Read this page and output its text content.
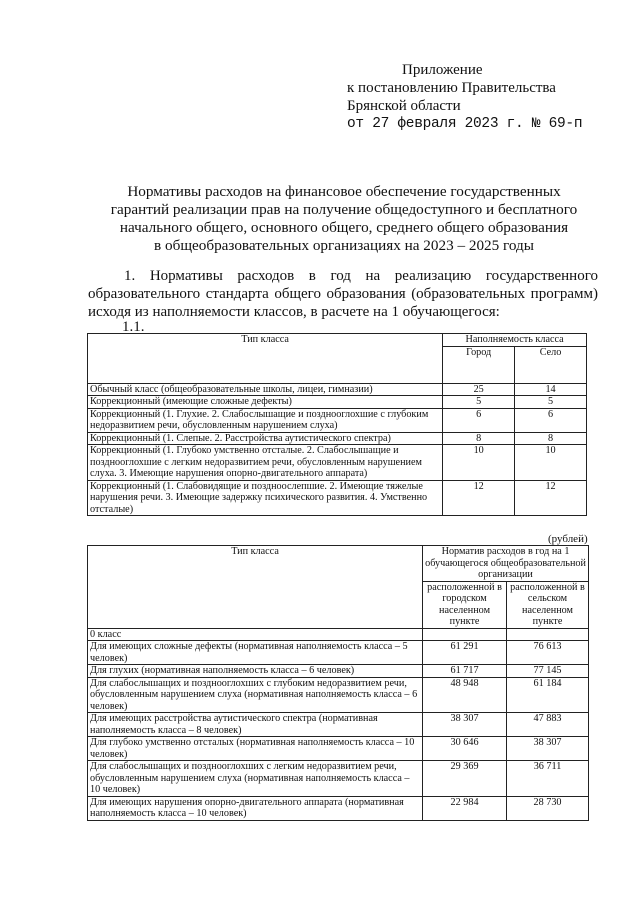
Приложение
к постановлению Правительства
Брянской области
от 27 февраля 2023 г. № 69-п
Нормативы расходов на финансовое обеспечение государственных
гарантий реализации прав на получение общедоступного и бесплатного
начального общего, основного общего, среднего общего образования
в общеобразовательных организациях на 2023 – 2025 годы
1. Нормативы расходов в год на реализацию государственного образовательного стандарта общего образования (образовательных программ) исходя из наполняемости классов, в расчете на 1 обучающегося:
1.1.
Тип класса	Наполняемость класса	
	Город	Село
Обычный класс (общеобразовательные школы, лицеи, гимназии)	25	14
Коррекционный (имеющие сложные дефекты)	5	5
Коррекционный (1. Глухие. 2. Слабослышащие и позднооглохшие с глубоким недоразвитием речи, обусловленным нарушением слуха)	6	6
Коррекционный (1. Слепые. 2. Расстройства аутистического спектра)	8	8
Коррекционный (1. Глубоко умственно отсталые. 2. Слабослышащие и позднооглохшие с легким недоразвитием речи, обусловленным нарушением слуха. 3. Имеющие нарушения опорно-двигательного аппарата)	10	10
Коррекционный (1. Слабовидящие и поздноослепшие. 2. Имеющие тяжелые нарушения речи. 3. Имеющие задержку психического развития. 4. Умственно отсталые)	12	12
(рублей)
Тип класса	Норматив расходов в год на 1 обучающегося общеобразовательной организации	
	расположенной в городском населенном пункте	расположенной в сельском населенном пункте
0 класс		
Для имеющих сложные дефекты (нормативная наполняемость класса – 5 человек)	61 291	76 613
Для глухих (нормативная наполняемость класса – 6 человек)	61 717	77 145
Для слабослышащих и позднооглохших с глубоким недоразвитием речи, обусловленным нарушением слуха (нормативная наполняемость класса – 6 человек)	48 948	61 184
Для имеющих расстройства аутистического спектра (нормативная наполняемость класса – 8 человек)	38 307	47 883
Для глубоко умственно отсталых (нормативная наполняемость класса – 10 человек)	30 646	38 307
Для слабослышащих и позднооглохших с легким недоразвитием речи, обусловленным нарушением слуха (нормативная наполняемость класса – 10 человек)	29 369	36 711
Для имеющих нарушения опорно-двигательного аппарата (нормативная наполняемость класса – 10 человек)	22 984	28 730
